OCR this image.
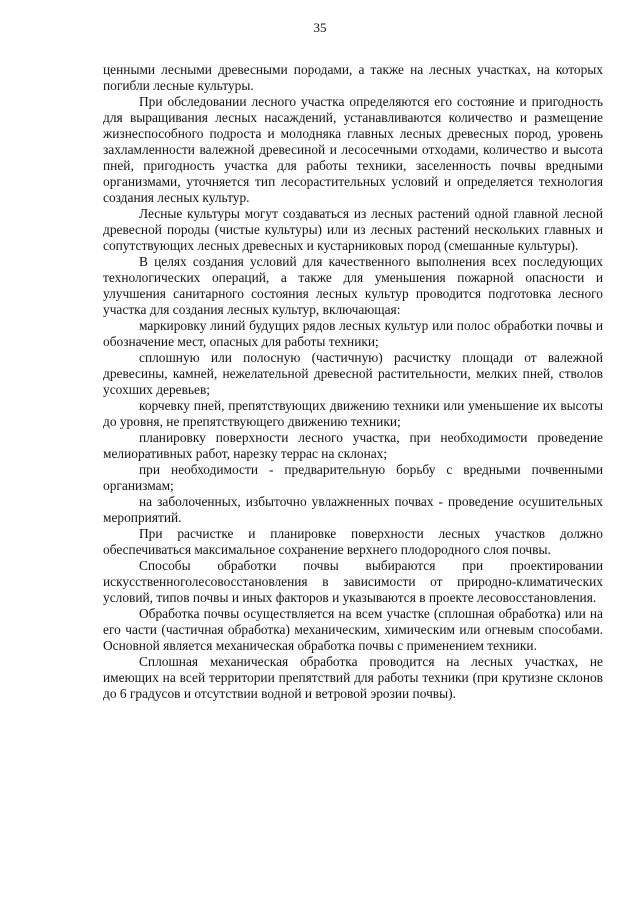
35

ценными лесными древесными породами, а также на лесных участках, на которых погибли лесные культуры.

При обследовании лесного участка определяются его состояние и пригодность для выращивания лесных насаждений, устанавливаются количество и размещение жизнеспособного подроста и молодняка главных лесных древесных пород, уровень захламленности валежной древесиной и лесосечными отходами, количество и высота пней, пригодность участка для работы техники, заселенность почвы вредными организмами, уточняется тип лесорастительных условий и определяется технология создания лесных культур.

Лесные культуры могут создаваться из лесных растений одной главной лесной древесной породы (чистые культуры) или из лесных растений нескольких главных и сопутствующих лесных древесных и кустарниковых пород (смешанные культуры).

В целях создания условий для качественного выполнения всех последующих технологических операций, а также для уменьшения пожарной опасности и улучшения санитарного состояния лесных культур проводится подготовка лесного участка для создания лесных культур, включающая:

маркировку линий будущих рядов лесных культур или полос обработки почвы и обозначение мест, опасных для работы техники;

сплошную или полосную (частичную) расчистку площади от валежной древесины, камней, нежелательной древесной растительности, мелких пней, стволов усохших деревьев;

корчевку пней, препятствующих движению техники или уменьшение их высоты до уровня, не препятствующего движению техники;

планировку поверхности лесного участка, при необходимости проведение мелиоративных работ, нарезку террас на склонах;

при необходимости - предварительную борьбу с вредными почвенными организмам;

на заболоченных, избыточно увлажненных почвах - проведение осушительных мероприятий.

При расчистке и планировке поверхности лесных участков должно обеспечиваться максимальное сохранение верхнего плодородного слоя почвы.

Способы обработки почвы выбираются при проектировании искусственноголесовосстановления в зависимости от природно-климатических условий, типов почвы и иных факторов и указываются в проекте лесовосстановления.

Обработка почвы осуществляется на всем участке (сплошная обработка) или на его части (частичная обработка) механическим, химическим или огневым способами. Основной является механическая обработка почвы с применением техники.

Сплошная механическая обработка проводится на лесных участках, не имеющих на всей территории препятствий для работы техники (при крутизне склонов до 6 градусов и отсутствии водной и ветровой эрозии почвы).
